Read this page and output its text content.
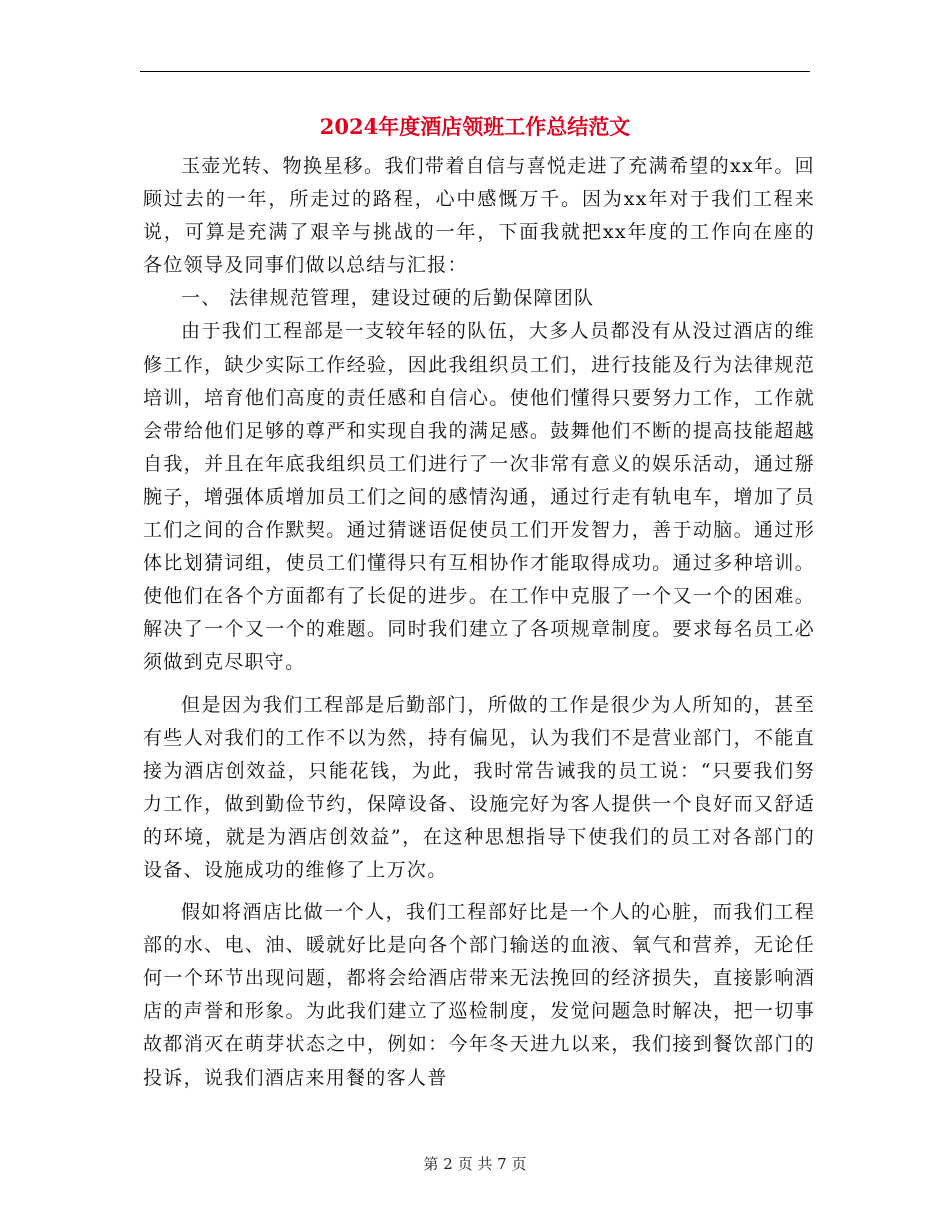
2024年度酒店领班工作总结范文

玉壶光转、物换星移。我们带着自信与喜悦走进了充满希望的xx年。回顾过去的一年，所走过的路程，心中感慨万千。因为xx年对于我们工程来说，可算是充满了艰辛与挑战的一年，下面我就把xx年度的工作向在座的各位领导及同事们做以总结与汇报：

一、 法律规范管理，建设过硬的后勤保障团队

由于我们工程部是一支较年轻的队伍，大多人员都没有从没过酒店的维修工作，缺少实际工作经验，因此我组织员工们，进行技能及行为法律规范培训，培育他们高度的责任感和自信心。使他们懂得只要努力工作，工作就会带给他们足够的尊严和实现自我的满足感。鼓舞他们不断的提高技能超越自我，并且在年底我组织员工们进行了一次非常有意义的娱乐活动，通过掰腕子，增强体质增加员工们之间的感情沟通，通过行走有轨电车，增加了员工们之间的合作默契。通过猜谜语促使员工们开发智力，善于动脑。通过形体比划猜词组，使员工们懂得只有互相协作才能取得成功。通过多种培训。使他们在各个方面都有了长促的进步。在工作中克服了一个又一个的困难。解决了一个又一个的难题。同时我们建立了各项规章制度。要求每名员工必须做到克尽职守。

但是因为我们工程部是后勤部门，所做的工作是很少为人所知的，甚至有些人对我们的工作不以为然，持有偏见，认为我们不是营业部门，不能直接为酒店创效益，只能花钱，为此，我时常告诫我的员工说：“只要我们努力工作，做到勤俭节约，保障设备、设施完好为客人提供一个良好而又舒适的环境，就是为酒店创效益”，在这种思想指导下使我们的员工对各部门的设备、设施成功的维修了上万次。

假如将酒店比做一个人，我们工程部好比是一个人的心脏，而我们工程部的水、电、油、暖就好比是向各个部门输送的血液、氧气和营养，无论任何一个环节出现问题，都将会给酒店带来无法挽回的经济损失，直接影响酒店的声誉和形象。为此我们建立了巡检制度，发觉问题急时解决，把一切事故都消灭在萌芽状态之中，例如：今年冬天进九以来，我们接到餐饮部门的投诉，说我们酒店来用餐的客人普

第 2 页 共 7 页
